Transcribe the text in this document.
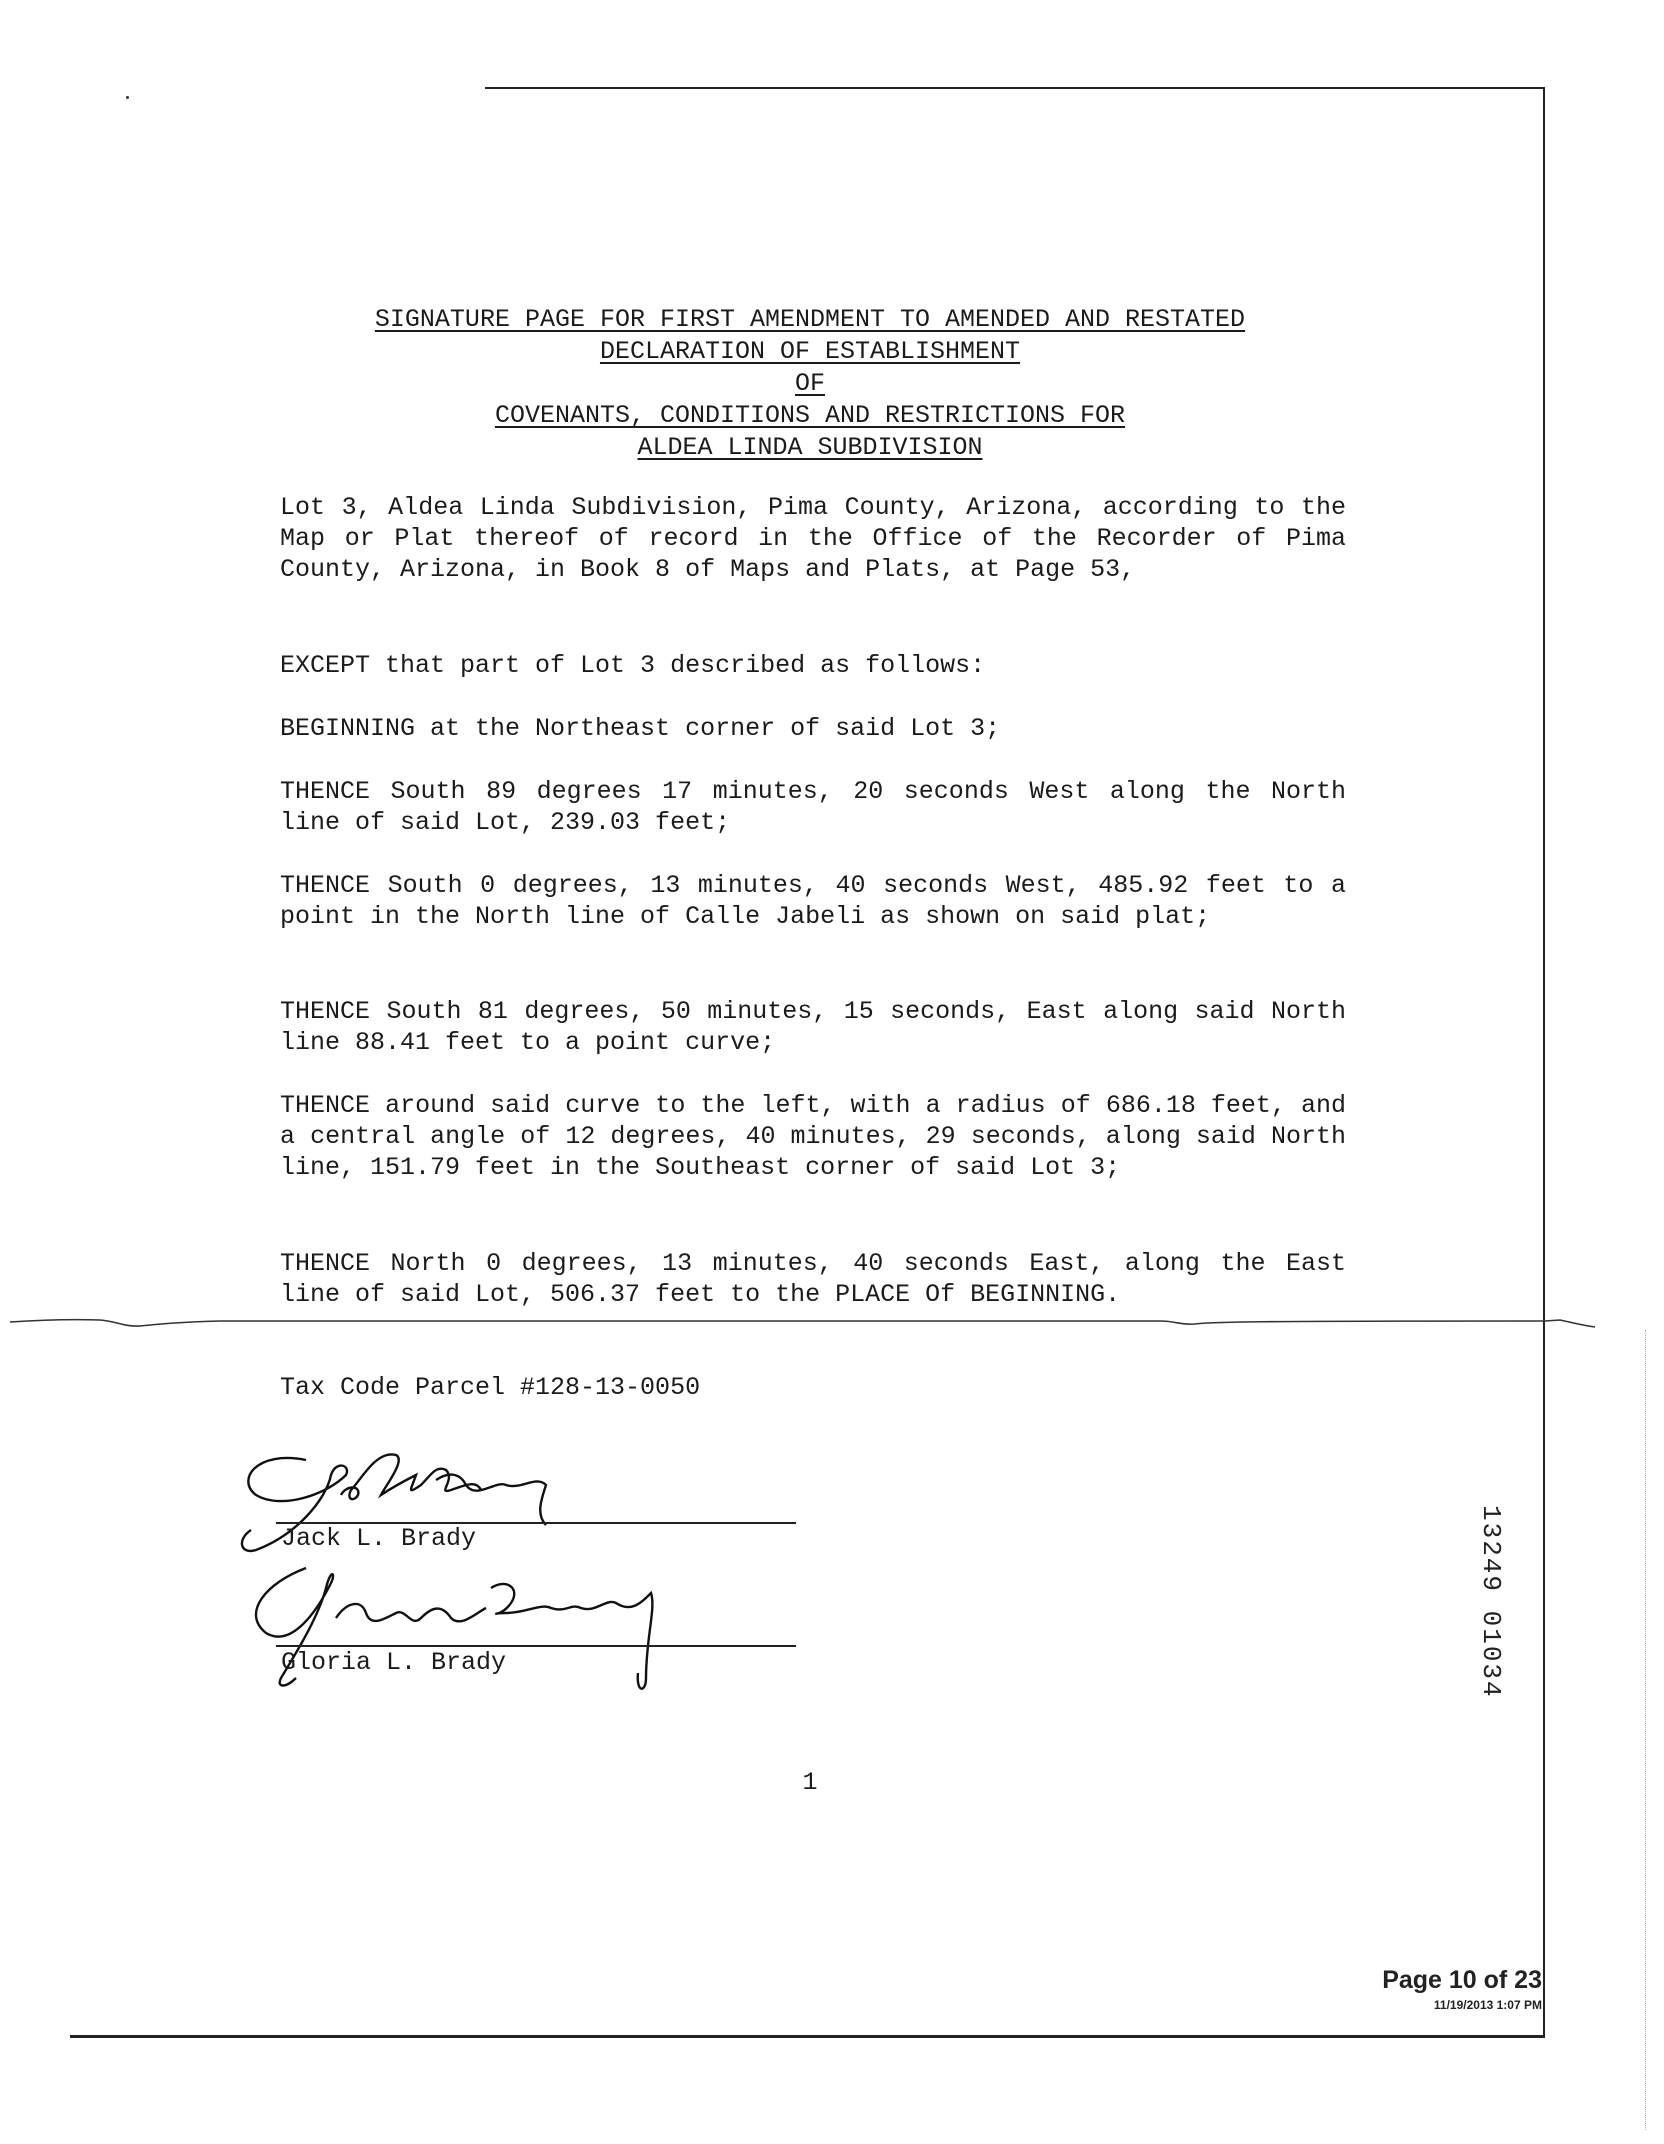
SIGNATURE PAGE FOR FIRST AMENDMENT TO AMENDED AND RESTATED
DECLARATION OF ESTABLISHMENT
OF
COVENANTS, CONDITIONS AND RESTRICTIONS FOR
ALDEA LINDA SUBDIVISION
Lot 3, Aldea Linda Subdivision, Pima County, Arizona, according to the Map or Plat thereof of record in the Office of the Recorder of Pima County, Arizona, in Book 8 of Maps and Plats, at Page 53,
EXCEPT that part of Lot 3 described as follows:
BEGINNING at the Northeast corner of said Lot 3;
THENCE South 89 degrees 17 minutes, 20 seconds West along the North line of said Lot, 239.03 feet;
THENCE South 0 degrees, 13 minutes, 40 seconds West, 485.92 feet to a point in the North line of Calle Jabeli as shown on said plat;
THENCE South 81 degrees, 50 minutes, 15 seconds, East along said North line 88.41 feet to a point curve;
THENCE around said curve to the left, with a radius of 686.18 feet, and a central angle of 12 degrees, 40 minutes, 29 seconds, along said North line, 151.79 feet in the Southeast corner of said Lot 3;
THENCE North 0 degrees, 13 minutes, 40 seconds East, along the East line of said Lot, 506.37 feet to the PLACE Of BEGINNING.
Tax Code Parcel #128-13-0050
Jack L. Brady
Gloria L. Brady
1
13249 01034
Page 10 of 23
11/19/2013 1:07 PM
